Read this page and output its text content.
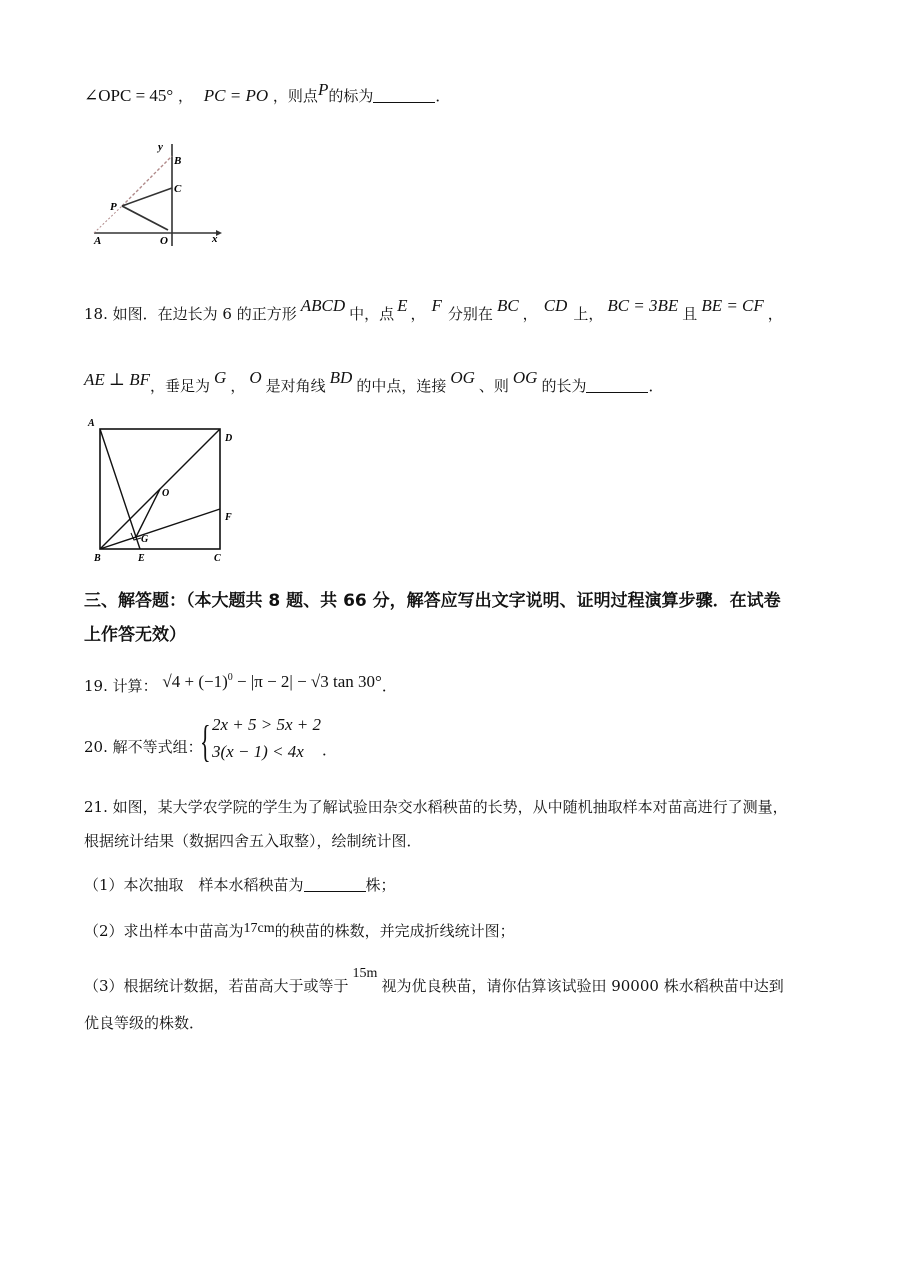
∠OPC = 45° ， PC = PO ，则点P的标为	．
y
B
C
P
A	O	x
18. 如图．在边长为 6 的正方形 ABCD 中，点 E ， F 分别在 BC ， CD 上， BC = 3BE 且 BE = CF ，
AE ⊥ BF，垂足为 G ， O 是对角线 BD 的中点，连接 OG 、则 OG 的长为	．
A
D
O
F
B	E
G
C
三、解答题：（本大题共 8 题、共 66 分，解答应写出文字说明、证明过程演算步骤．在试卷
上作答无效）
19. 计算： $√4 + (-1)^0 - |\pi - 2| - √3$ tan 30°．
20. 解不等式组：
{ 2x + 5 > 5x + 2
3(x − 1) < 4x ．
21. 如图，某大学农学院的学生为了解试验田杂交水稻秧苗的长势，从中随机抽取样本对苗高进行了测量，
根据统计结果（数据四舍五入取整），绘制统计图．
（1）本次抽取　样本水稻秧苗为	株；
（2）求出样本中苗高为17cm的秧苗的株数，并完成折线统计图；
（3）根据统计数据，若苗高大于或等于15m视为优良秧苗，请你估算该试验田 90000 株水稻秧苗中达到
优良等级的株数．
